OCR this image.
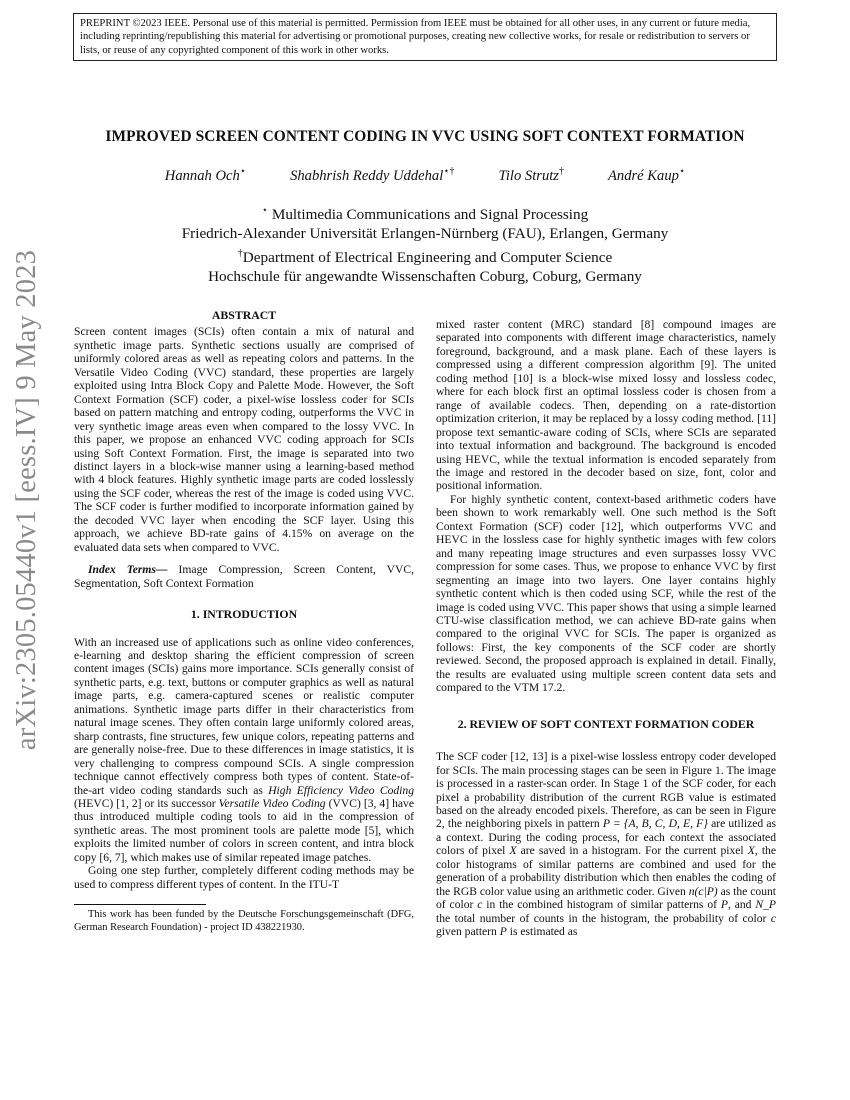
PREPRINT ©2023 IEEE. Personal use of this material is permitted. Permission from IEEE must be obtained for all other uses, in any current or future media, including reprinting/republishing this material for advertising or promotional purposes, creating new collective works, for resale or redistribution to servers or lists, or reuse of any copyrighted component of this work in other works.
IMPROVED SCREEN CONTENT CODING IN VVC USING SOFT CONTEXT FORMATION
Hannah Och⋆	Shabhrish Reddy Uddehal⋆†	Tilo Strutz†	André Kaup⋆
⋆ Multimedia Communications and Signal Processing
Friedrich-Alexander Universität Erlangen-Nürnberg (FAU), Erlangen, Germany
†Department of Electrical Engineering and Computer Science
Hochschule für angewandte Wissenschaften Coburg, Coburg, Germany
arXiv:2305.05440v1 [eess.IV] 9 May 2023	ABSTRACT

Screen content images (SCIs) often contain a mix of natural and synthetic image parts. Synthetic sections usually are comprised of uniformly colored areas as well as repeating colors and patterns. In the Versatile Video Coding (VVC) standard, these properties are largely exploited using Intra Block Copy and Palette Mode. However, the Soft Context Formation (SCF) coder, a pixel-wise lossless coder for SCIs based on pattern matching and entropy coding, outperforms the VVC in very synthetic image areas even when compared to the lossy VVC. In this paper, we propose an enhanced VVC coding approach for SCIs using Soft Context Formation. First, the image is separated into two distinct layers in a block-wise manner using a learning-based method with 4 block features. Highly synthetic image parts are coded losslessly using the SCF coder, whereas the rest of the image is coded using VVC. The SCF coder is further modified to incorporate information gained by the decoded VVC layer when encoding the SCF layer. Using this approach, we achieve BD-rate gains of 4.15% on average on the evaluated data sets when compared to VVC.

Index Terms— Image Compression, Screen Content, VVC, Segmentation, Soft Context Formation

1. INTRODUCTION

With an increased use of applications such as online video conferences, e-learning and desktop sharing the efficient compression of screen content images (SCIs) gains more importance. SCIs generally consist of synthetic parts, e.g. text, buttons or computer graphics as well as natural image parts, e.g. camera-captured scenes or realistic computer animations. Synthetic image parts differ in their characteristics from natural image scenes. They often contain large uniformly colored areas, sharp contrasts, fine structures, few unique colors, repeating patterns and are generally noise-free. Due to these differences in image statistics, it is very challenging to compress compound SCIs. A single compression technique cannot effectively compress both types of content. State-of-the-art video coding standards such as High Efficiency Video Coding (HEVC) [1, 2] or its successor Versatile Video Coding (VVC) [3, 4] have thus introduced multiple coding tools to aid in the compression of synthetic areas. The most prominent tools are palette mode [5], which exploits the limited number of colors in screen content, and intra block copy [6, 7], which makes use of similar repeated image patches.

Going one step further, completely different coding methods may be used to compress different types of content. In the ITU-T

This work has been funded by the Deutsche Forschungsgemeinschaft (DFG, German Research Foundation) - project ID 438221930.

mixed raster content (MRC) standard [8] compound images are separated into components with different image characteristics, namely foreground, background, and a mask plane. Each of these layers is compressed using a different compression algorithm [9]. The united coding method [10] is a block-wise mixed lossy and lossless codec, where for each block first an optimal lossless coder is chosen from a range of available codecs. Then, depending on a rate-distortion optimization criterion, it may be replaced by a lossy coding method. [11] propose text semantic-aware coding of SCIs, where SCIs are separated into textual information and background. The background is encoded using HEVC, while the textual information is encoded separately from the image and restored in the decoder based on size, font, color and positional information.

For highly synthetic content, context-based arithmetic coders have been shown to work remarkably well. One such method is the Soft Context Formation (SCF) coder [12], which outperforms VVC and HEVC in the lossless case for highly synthetic images with few colors and many repeating image structures and even surpasses lossy VVC compression for some cases. Thus, we propose to enhance VVC by first segmenting an image into two layers. One layer contains highly synthetic content which is then coded using SCF, while the rest of the image is coded using VVC. This paper shows that using a simple learned CTU-wise classification method, we can achieve BD-rate gains when compared to the original VVC for SCIs. The paper is organized as follows: First, the key components of the SCF coder are shortly reviewed. Second, the proposed approach is explained in detail. Finally, the results are evaluated using multiple screen content data sets and compared to the VTM 17.2.

2. REVIEW OF SOFT CONTEXT FORMATION CODER

The SCF coder [12, 13] is a pixel-wise lossless entropy coder developed for SCIs. The main processing stages can be seen in Figure 1. The image is processed in a raster-scan order. In Stage 1 of the SCF coder, for each pixel a probability distribution of the current RGB value is estimated based on the already encoded pixels. Therefore, as can be seen in Figure 2, the neighboring pixels in pattern P = {A, B, C, D, E, F} are utilized as a context. During the coding process, for each context the associated colors of pixel X are saved in a histogram. For the current pixel X, the color histograms of similar patterns are combined and used for the generation of a probability distribution which then enables the coding of the RGB color value using an arithmetic coder. Given n(c|P) as the count of color c in the combined histogram of similar patterns of P, and N_P the total number of counts in the histogram, the probability of color c given pattern P is estimated as
